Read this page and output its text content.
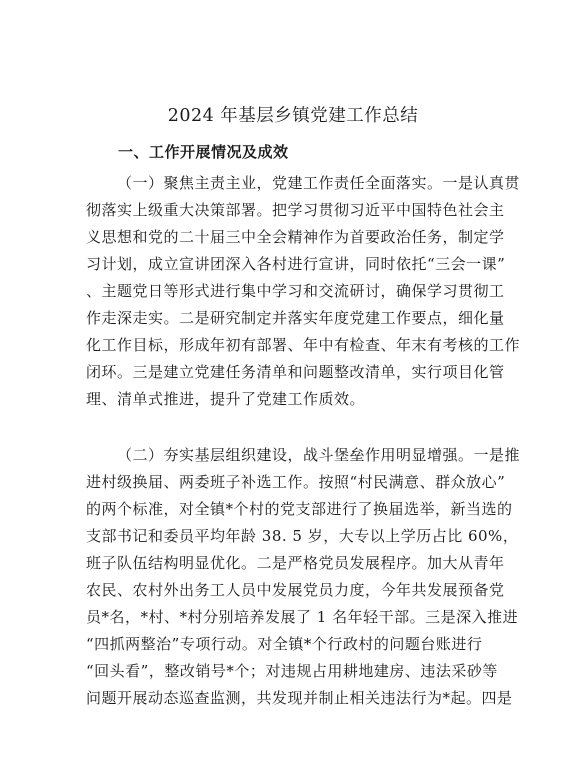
2024 年基层乡镇党建工作总结
一、工作开展情况及成效
（一）聚焦主责主业，党建工作责任全面落实。一是认真贯
彻落实上级重大决策部署。把学习贯彻习近平中国特色社会主
义思想和党的二十届三中全会精神作为首要政治任务，制定学
习计划，成立宣讲团深入各村进行宣讲，同时依托“三会一课”
、主题党日等形式进行集中学习和交流研讨，确保学习贯彻工
作走深走实。二是研究制定并落实年度党建工作要点，细化量
化工作目标，形成年初有部署、年中有检查、年末有考核的工作
闭环。三是建立党建任务清单和问题整改清单，实行项目化管
理、清单式推进，提升了党建工作质效。
（二）夯实基层组织建设，战斗堡垒作用明显增强。一是推
进村级换届、两委班子补选工作。按照“村民满意、群众放心”
的两个标准，对全镇*个村的党支部进行了换届选举，新当选的
支部书记和委员平均年龄 38. 5 岁，大专以上学历占比 60%，
班子队伍结构明显优化。二是严格党员发展程序。加大从青年
农民、农村外出务工人员中发展党员力度，今年共发展预备党
员*名，*村、*村分别培养发展了 1 名年轻干部。三是深入推进
“四抓两整治”专项行动。对全镇*个行政村的问题台账进行
“回头看”，整改销号*个；对违规占用耕地建房、违法采砂等
问题开展动态巡查监测，共发现并制止相关违法行为*起。四是
